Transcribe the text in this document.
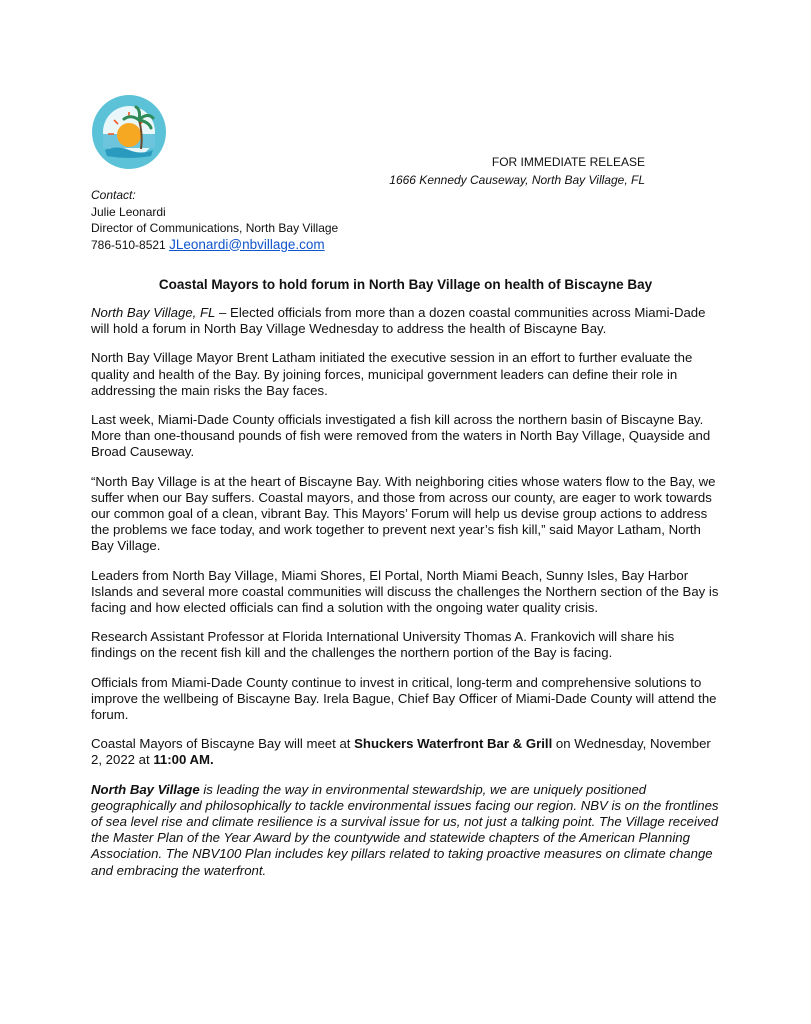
FOR IMMEDIATE RELEASE
1666 Kennedy Causeway, North Bay Village, FL
Contact:
Julie Leonardi
Director of Communications, North Bay Village
786-510-8521 JLeonardi@nbvillage.com
Coastal Mayors to hold forum in North Bay Village on health of Biscayne Bay

North Bay Village, FL – Elected officials from more than a dozen coastal communities across Miami-Dade will hold a forum in North Bay Village Wednesday to address the health of Biscayne Bay.

North Bay Village Mayor Brent Latham initiated the executive session in an effort to further evaluate the quality and health of the Bay. By joining forces, municipal government leaders can define their role in addressing the main risks the Bay faces.

Last week, Miami-Dade County officials investigated a fish kill across the northern basin of Biscayne Bay. More than one-thousand pounds of fish were removed from the waters in North Bay Village, Quayside and Broad Causeway.

“North Bay Village is at the heart of Biscayne Bay. With neighboring cities whose waters flow to the Bay, we suffer when our Bay suffers. Coastal mayors, and those from across our county, are eager to work towards our common goal of a clean, vibrant Bay. This Mayors’ Forum will help us devise group actions to address the problems we face today, and work together to prevent next year’s fish kill,” said Mayor Latham, North Bay Village.

Leaders from North Bay Village, Miami Shores, El Portal, North Miami Beach, Sunny Isles, Bay Harbor Islands and several more coastal communities will discuss the challenges the Northern section of the Bay is facing and how elected officials can find a solution with the ongoing water quality crisis.

Research Assistant Professor at Florida International University Thomas A. Frankovich will share his findings on the recent fish kill and the challenges the northern portion of the Bay is facing.

Officials from Miami-Dade County continue to invest in critical, long-term and comprehensive solutions to improve the wellbeing of Biscayne Bay. Irela Bague, Chief Bay Officer of Miami-Dade County will attend the forum.

Coastal Mayors of Biscayne Bay will meet at Shuckers Waterfront Bar & Grill on Wednesday, November 2, 2022 at 11:00 AM.

North Bay Village is leading the way in environmental stewardship, we are uniquely positioned geographically and philosophically to tackle environmental issues facing our region. NBV is on the frontlines of sea level rise and climate resilience is a survival issue for us, not just a talking point. The Village received the Master Plan of the Year Award by the countywide and statewide chapters of the American Planning Association. The NBV100 Plan includes key pillars related to taking proactive measures on climate change and embracing the waterfront.
